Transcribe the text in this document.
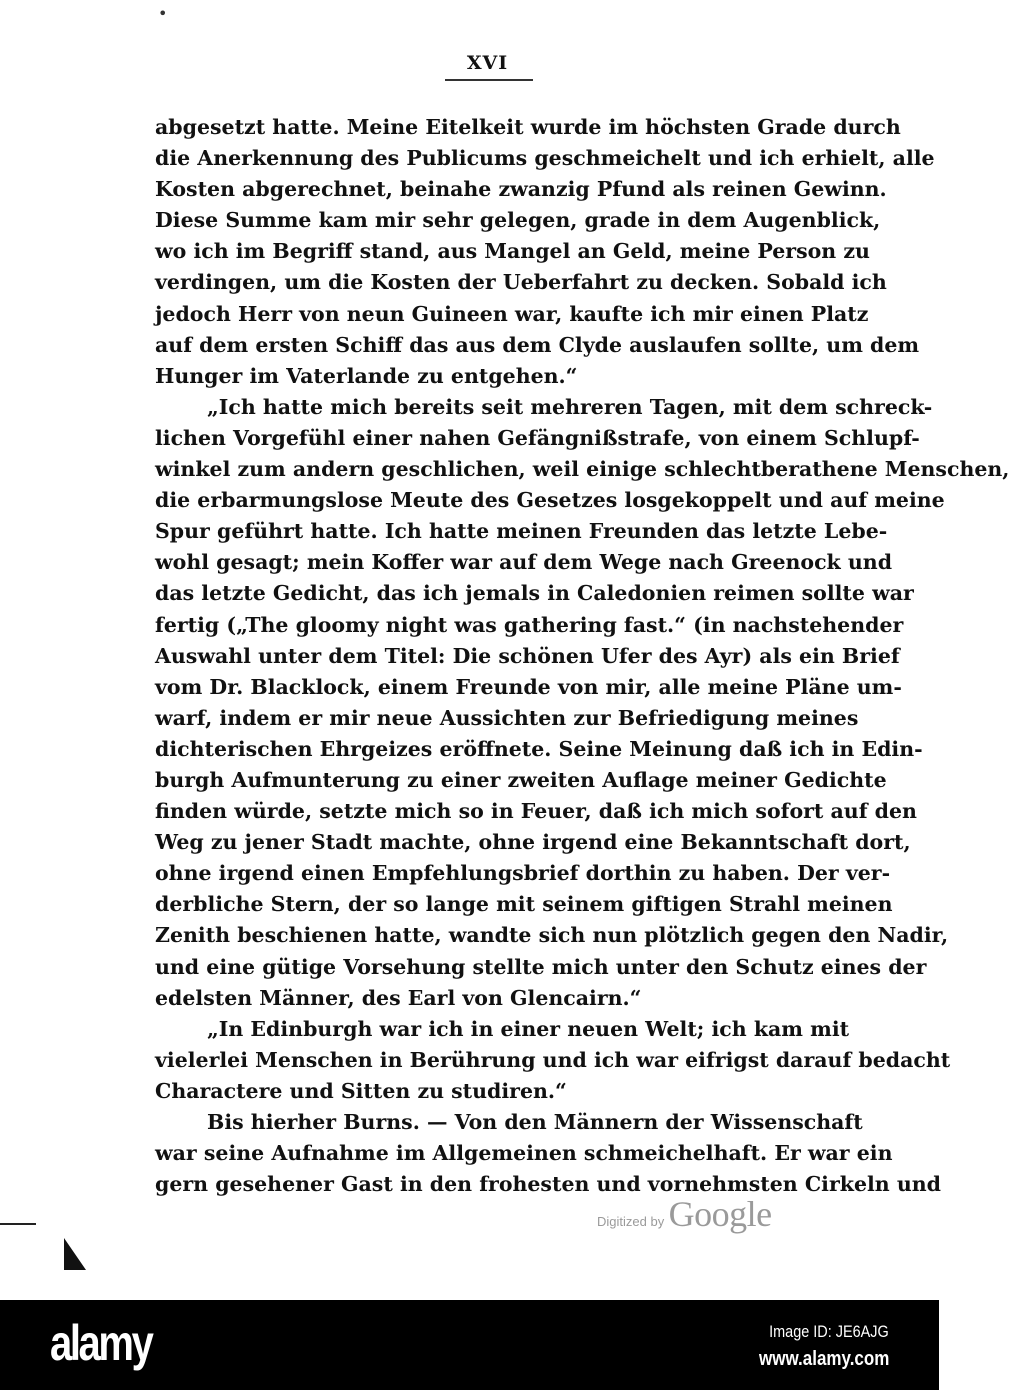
•
XVI
abgesetzt hatte. Meine Eitelkeit wurde im höchsten Grade durch
die Anerkennung des Publicums geschmeichelt und ich erhielt, alle
Kosten abgerechnet, beinahe zwanzig Pfund als reinen Gewinn.
Diese Summe kam mir sehr gelegen, grade in dem Augenblick,
wo ich im Begriff stand, aus Mangel an Geld, meine Person zu
verdingen, um die Kosten der Ueberfahrt zu decken. Sobald ich
jedoch Herr von neun Guineen war, kaufte ich mir einen Platz
auf dem ersten Schiff das aus dem Clyde auslaufen sollte, um dem
Hunger im Vaterlande zu entgehen.“
„Ich hatte mich bereits seit mehreren Tagen, mit dem schreck-
lichen Vorgefühl einer nahen Gefängnißstrafe, von einem Schlupf-
winkel zum andern geschlichen, weil einige schlechtberathene Menschen,
die erbarmungslose Meute des Gesetzes losgekoppelt und auf meine
Spur geführt hatte. Ich hatte meinen Freunden das letzte Lebe-
wohl gesagt; mein Koffer war auf dem Wege nach Greenock und
das letzte Gedicht, das ich jemals in Caledonien reimen sollte war
fertig („The gloomy night was gathering fast.“ (in nachstehender
Auswahl unter dem Titel: Die schönen Ufer des Ayr) als ein Brief
vom Dr. Blacklock, einem Freunde von mir, alle meine Pläne um-
warf, indem er mir neue Aussichten zur Befriedigung meines
dichterischen Ehrgeizes eröffnete. Seine Meinung daß ich in Edin-
burgh Aufmunterung zu einer zweiten Auflage meiner Gedichte
finden würde, setzte mich so in Feuer, daß ich mich sofort auf den
Weg zu jener Stadt machte, ohne irgend eine Bekanntschaft dort,
ohne irgend einen Empfehlungsbrief dorthin zu haben. Der ver-
derbliche Stern, der so lange mit seinem giftigen Strahl meinen
Zenith beschienen hatte, wandte sich nun plötzlich gegen den Nadir,
und eine gütige Vorsehung stellte mich unter den Schutz eines der
edelsten Männer, des Earl von Glencairn.“
„In Edinburgh war ich in einer neuen Welt; ich kam mit
vielerlei Menschen in Berührung und ich war eifrigst darauf bedacht
Charactere und Sitten zu studiren.“
Bis hierher Burns. — Von den Männern der Wissenschaft
war seine Aufnahme im Allgemeinen schmeichelhaft. Er war ein
gern gesehener Gast in den frohesten und vornehmsten Cirkeln und
Digitized by Google
alamy	Image ID: JE6AJG
www.alamy.com
